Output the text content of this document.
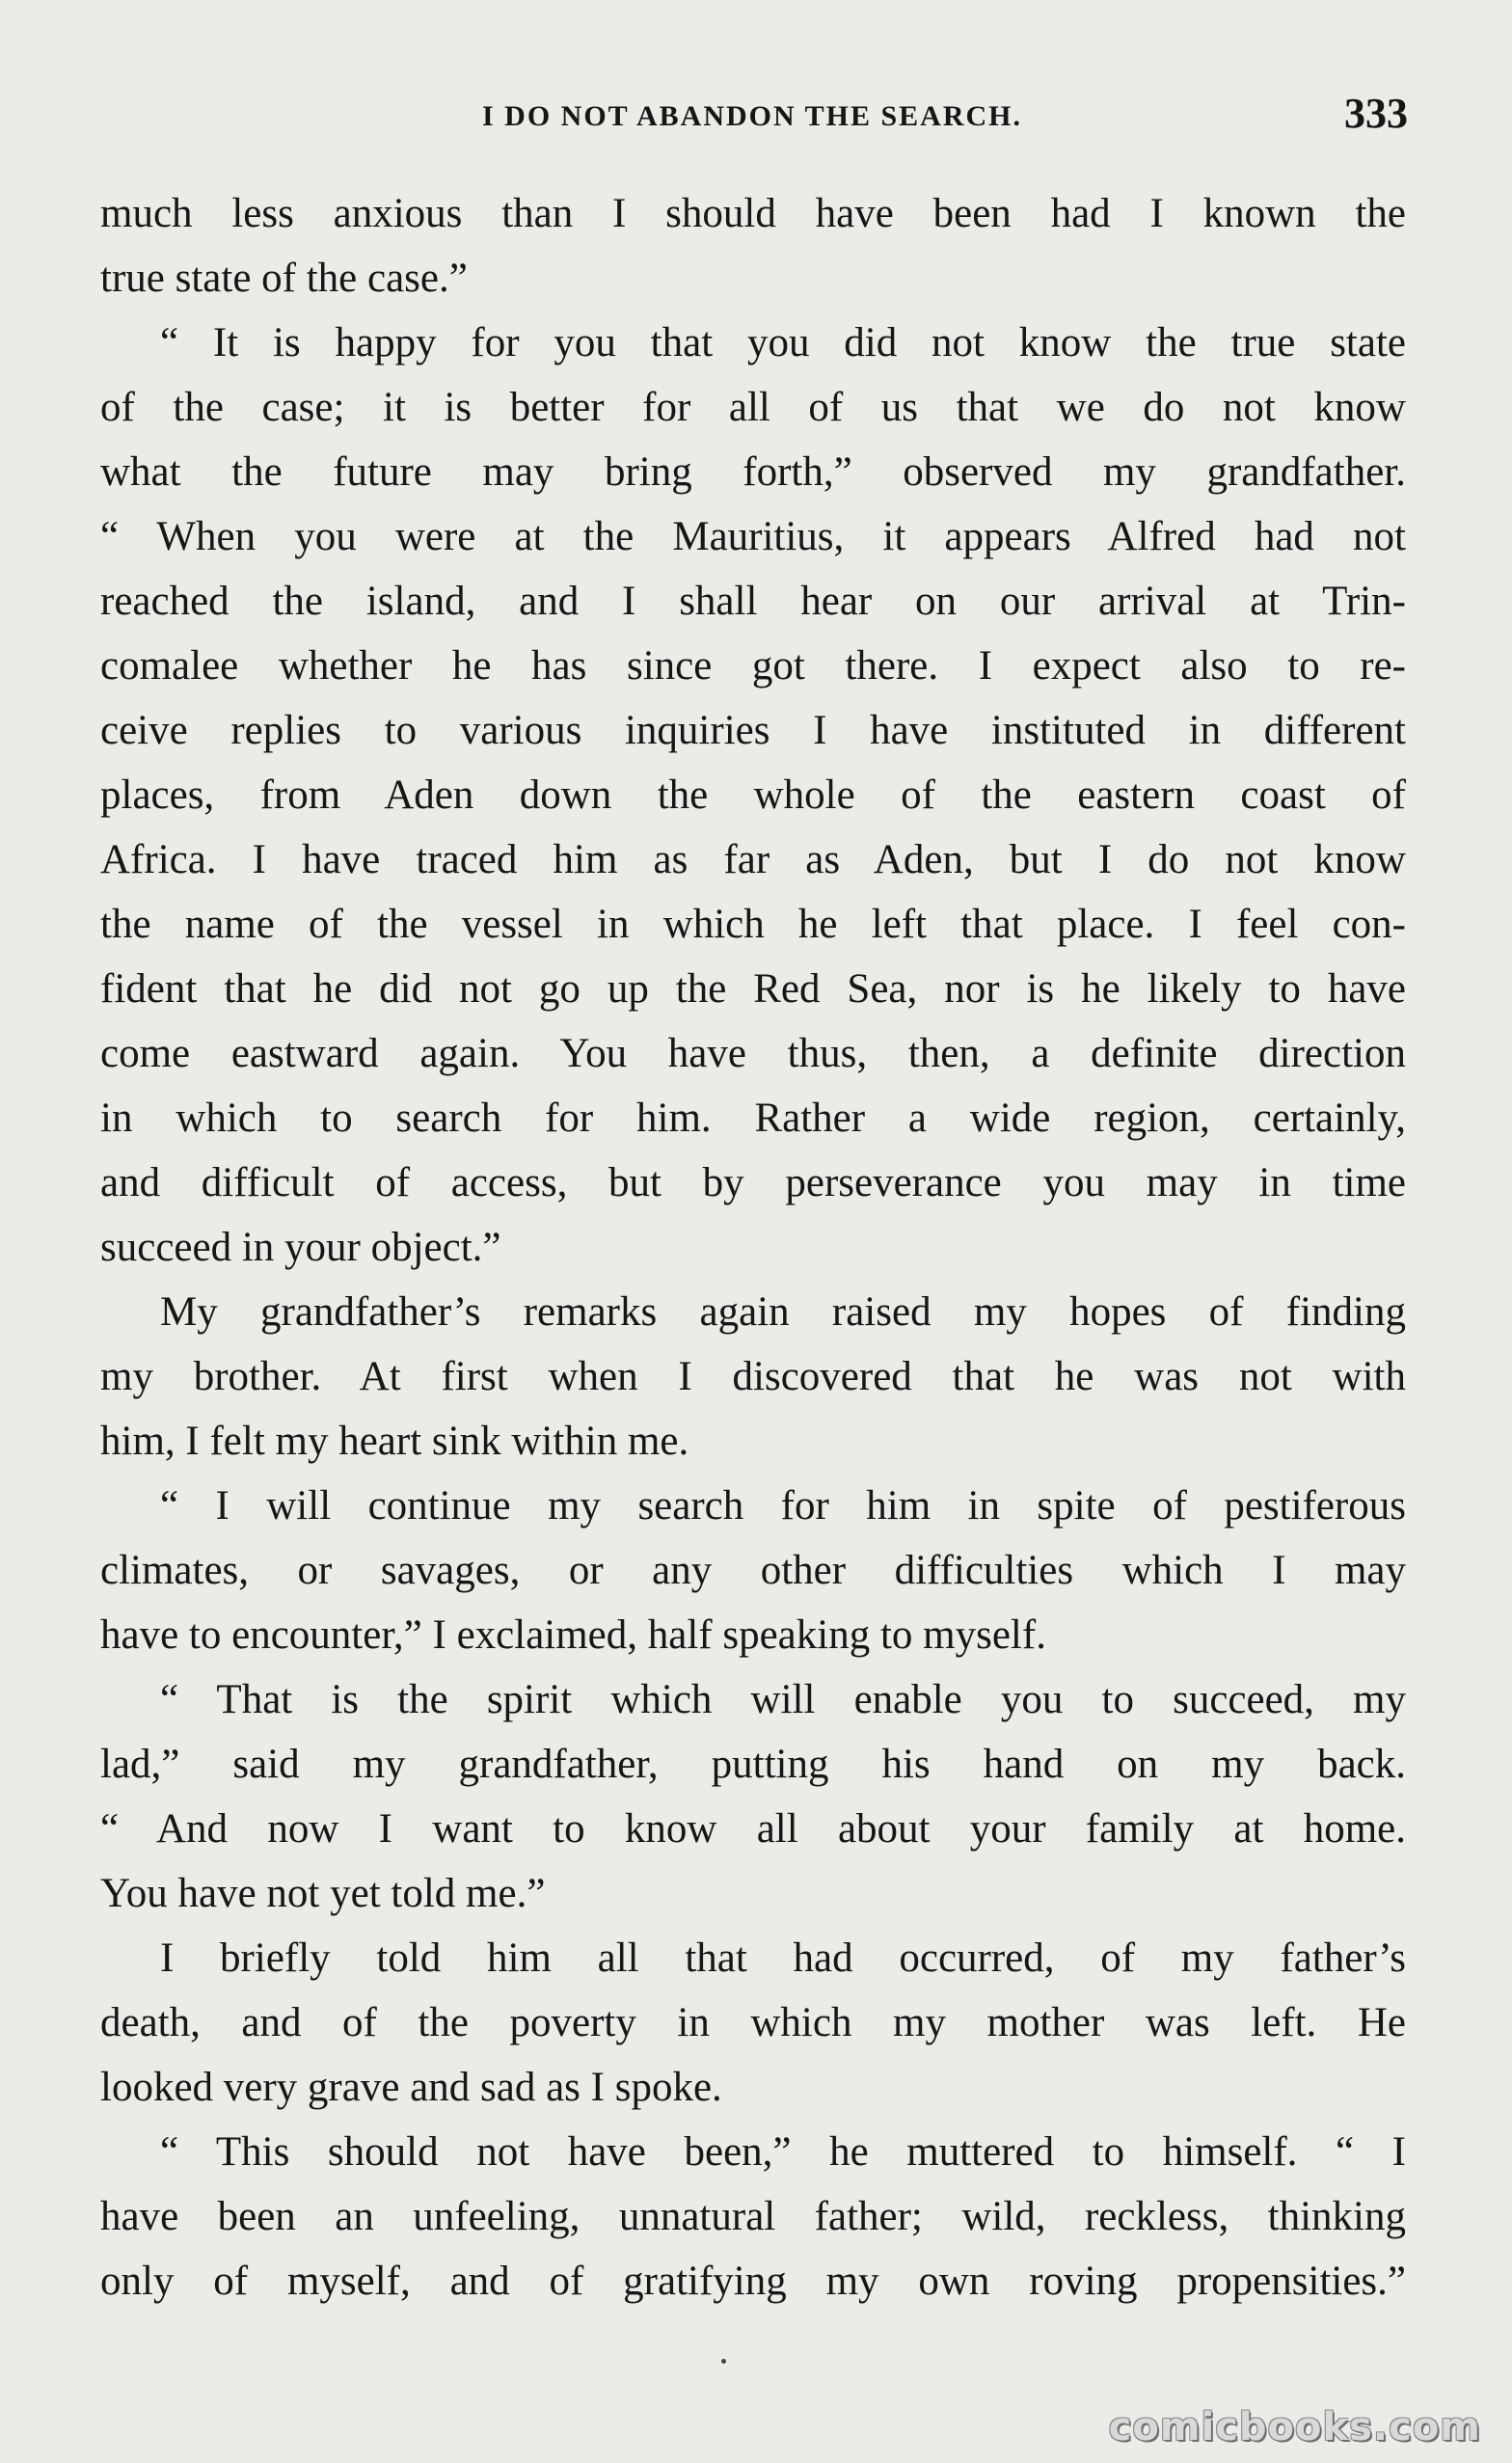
I DO NOT ABANDON THE SEARCH.	333
much less anxious than I should have been had I known the
true state of the case.”
“ It is happy for you that you did not know the true state
of the case; it is better for all of us that we do not know
what the future may bring forth,” observed my grandfather.
“ When you were at the Mauritius, it appears Alfred had not
reached the island, and I shall hear on our arrival at Trin-
comalee whether he has since got there. I expect also to re-
ceive replies to various inquiries I have instituted in different
places, from Aden down the whole of the eastern coast of
Africa. I have traced him as far as Aden, but I do not know
the name of the vessel in which he left that place. I feel con-
fident that he did not go up the Red Sea, nor is he likely to have
come eastward again. You have thus, then, a definite direction
in which to search for him. Rather a wide region, certainly,
and difficult of access, but by perseverance you may in time
succeed in your object.”
My grandfather’s remarks again raised my hopes of finding
my brother. At first when I discovered that he was not with
him, I felt my heart sink within me.
“ I will continue my search for him in spite of pestiferous
climates, or savages, or any other difficulties which I may
have to encounter,” I exclaimed, half speaking to myself.
“ That is the spirit which will enable you to succeed, my
lad,” said my grandfather, putting his hand on my back.
“ And now I want to know all about your family at home.
You have not yet told me.”
I briefly told him all that had occurred, of my father’s
death, and of the poverty in which my mother was left. He
looked very grave and sad as I spoke.
“ This should not have been,” he muttered to himself. “ I
have been an unfeeling, unnatural father; wild, reckless, thinking
only of myself, and of gratifying my own roving propensities.”
comicbooks.com
